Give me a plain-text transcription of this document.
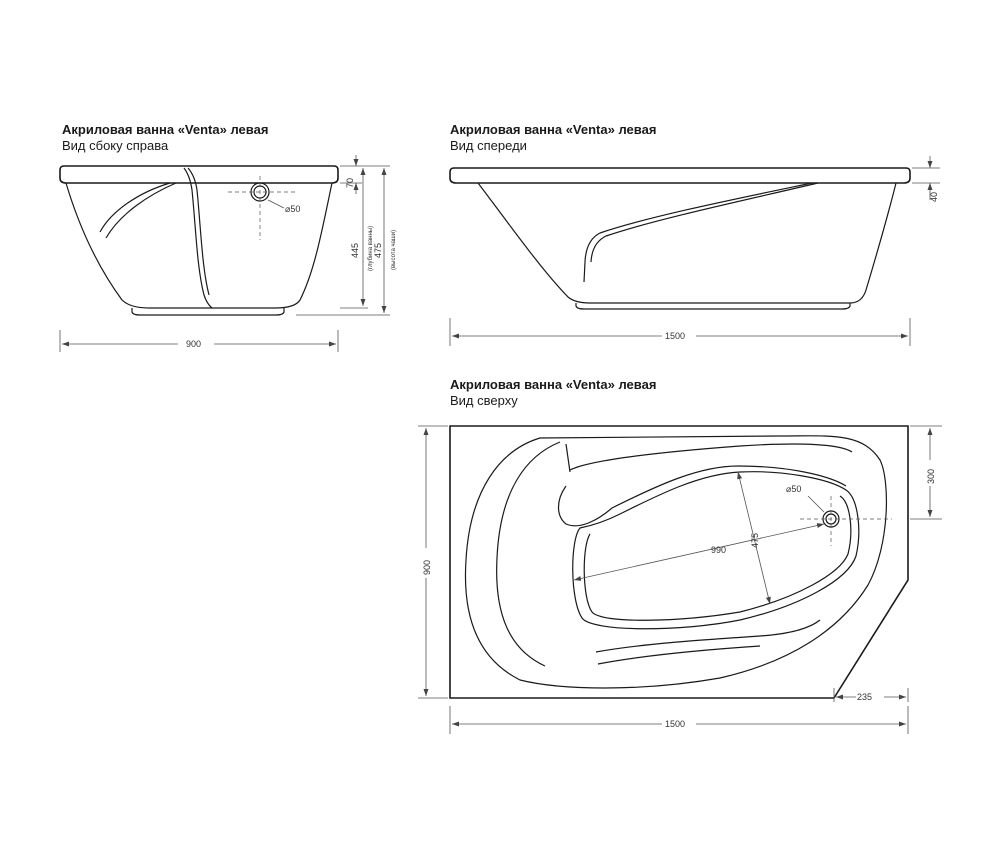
Акриловая ванна «Venta» левая

Вид сбоку справа

Акриловая ванна «Venta» левая

Вид спереди

Акриловая ванна «Venta» левая

Вид сверху

⌀50
70
445 (глубина ванны) 475 (высота чаши)
900
40
1500
⌀50
990
475
900
300
235
1500
